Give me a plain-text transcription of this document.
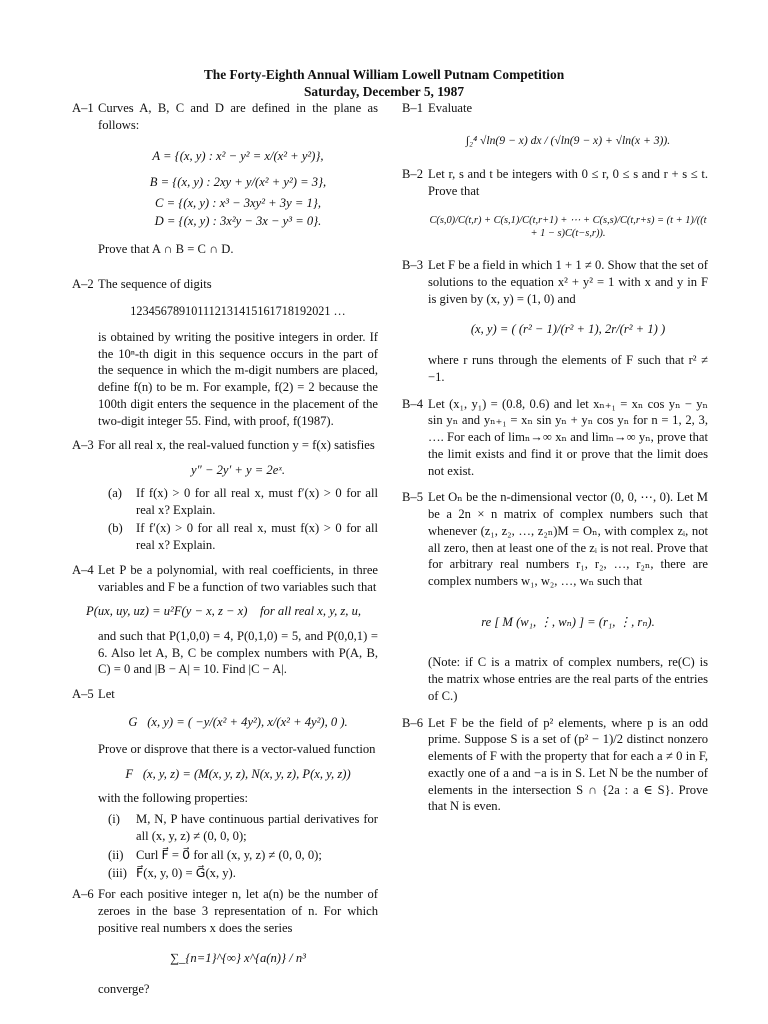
The Forty-Eighth Annual William Lowell Putnam Competition
Saturday, December 5, 1987
A–1 Curves A, B, C and D are defined in the plane as follows:

A = {(x, y) : x² − y² = x/(x² + y²)},
B = {(x, y) : 2xy + y/(x² + y²) = 3},
C = {(x, y) : x³ − 3xy² + 3y = 1},
D = {(x, y) : 3x²y − 3x − y³ = 0}.

Prove that A ∩ B = C ∩ D.

A–2 The sequence of digits

123456789101112131415161718192021 …

is obtained by writing the positive integers in order. If the 10ⁿ-th digit in this sequence occurs in the part of the sequence in which the m-digit numbers are placed, define f(n) to be m. For example, f(2) = 2 because the 100th digit enters the sequence in the placement of the two-digit integer 55. Find, with proof, f(1987).

A–3 For all real x, the real-valued function y = f(x) satisfies

y″ − 2y′ + y = 2eˣ.
(a) If f(x) > 0 for all real x, must f′(x) > 0 for all real x? Explain.
(b) If f′(x) > 0 for all real x, must f(x) > 0 for all real x? Explain.
A–4 Let P be a polynomial, with real coefficients, in three variables and F be a function of two variables such that

P(ux, uy, uz) = u²F(y − x, z − x)    for all real x, y, z, u,

and such that P(1,0,0) = 4, P(0,1,0) = 5, and P(0,0,1) = 6. Also let A, B, C be complex numbers with P(A, B, C) = 0 and |B − A| = 10. Find |C − A|.

A–5 Let

G⃗(x, y) = ( −y/(x² + 4y²), x/(x² + 4y²), 0 ).

Prove or disprove that there is a vector-valued function

F⃗(x, y, z) = (M(x, y, z), N(x, y, z), P(x, y, z))

with the following properties:

(i) M, N, P have continuous partial derivatives for all (x, y, z) ≠ (0, 0, 0);
(ii) Curl F⃗ = 0⃗ for all (x, y, z) ≠ (0, 0, 0);
(iii) F⃗(x, y, 0) = G⃗(x, y).
A–6 For each positive integer n, let a(n) be the number of zeroes in the base 3 representation of n. For which positive real numbers x does the series

∑_{n=1}^{∞} x^{a(n)} / n³

converge?

B–1 Evaluate

∫₂⁴ √ln(9 − x) dx / (√ln(9 − x) + √ln(x + 3)).
B–2 Let r, s and t be integers with 0 ≤ r, 0 ≤ s and r + s ≤ t. Prove that

C(s,0)/C(t,r) + C(s,1)/C(t,r+1) + ⋯ + C(s,s)/C(t,r+s) = (t + 1)/((t + 1 − s)C(t−s,r)).
B–3 Let F be a field in which 1 + 1 ≠ 0. Show that the set of solutions to the equation x² + y² = 1 with x and y in F is given by (x, y) = (1, 0) and

(x, y) = ( (r² − 1)/(r² + 1), 2r/(r² + 1) )

where r runs through the elements of F such that r² ≠ −1.

B–4 Let (x₁, y₁) = (0.8, 0.6) and let xₙ₊₁ = xₙ cos yₙ − yₙ sin yₙ and yₙ₊₁ = xₙ sin yₙ + yₙ cos yₙ for n = 1, 2, 3, …. For each of limₙ→∞ xₙ and limₙ→∞ yₙ, prove that the limit exists and find it or prove that the limit does not exist.

B–5 Let Oₙ be the n-dimensional vector (0, 0, ⋯, 0). Let M be a 2n × n matrix of complex numbers such that whenever (z₁, z₂, …, z₂ₙ)M = Oₙ, with complex zᵢ, not all zero, then at least one of the zᵢ is not real. Prove that for arbitrary real numbers r₁, r₂, …, r₂ₙ, there are complex numbers w₁, w₂, …, wₙ such that

re [ M (w₁, ⋮, wₙ) ] = (r₁, ⋮, rₙ).

(Note: if C is a matrix of complex numbers, re(C) is the matrix whose entries are the real parts of the entries of C.)

B–6 Let F be the field of p² elements, where p is an odd prime. Suppose S is a set of (p² − 1)/2 distinct nonzero elements of F with the property that for each a ≠ 0 in F, exactly one of a and −a is in S. Let N be the number of elements in the intersection S ∩ {2a : a ∈ S}. Prove that N is even.
